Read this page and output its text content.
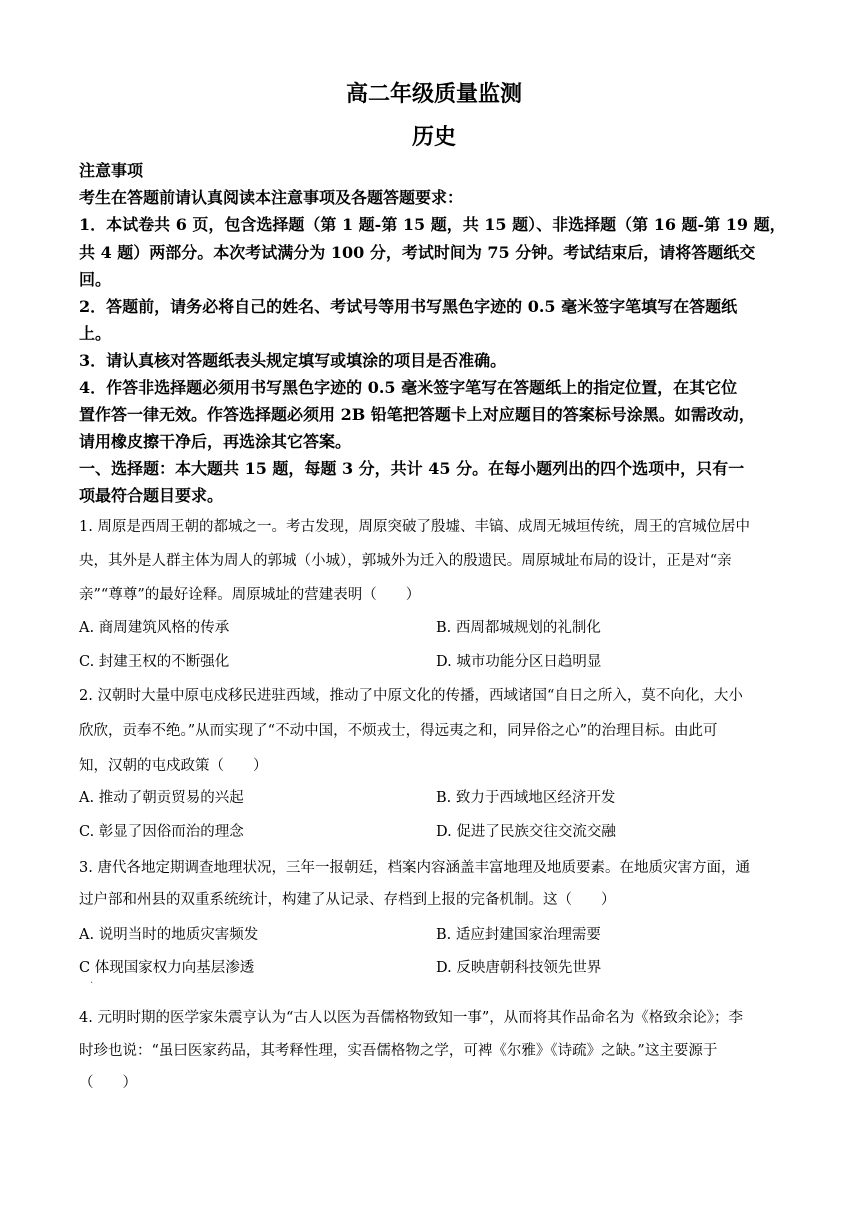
高二年级质量监测
历史
注意事项
考生在答题前请认真阅读本注意事项及各题答题要求：
1．本试卷共 6 页，包含选择题（第 1 题-第 15 题，共 15 题）、非选择题（第 16 题-第 19 题，
共 4 题）两部分。本次考试满分为 100 分，考试时间为 75 分钟。考试结束后，请将答题纸交
回。
2．答题前，请务必将自己的姓名、考试号等用书写黑色字迹的 0.5 毫米签字笔填写在答题纸
上。
3．请认真核对答题纸表头规定填写或填涂的项目是否准确。
4．作答非选择题必须用书写黑色字迹的 0.5 毫米签字笔写在答题纸上的指定位置，在其它位
置作答一律无效。作答选择题必须用 2B 铅笔把答题卡上对应题目的答案标号涂黑。如需改动，
请用橡皮擦干净后，再选涂其它答案。
一、选择题：本大题共 15 题，每题 3 分，共计 45 分。在每小题列出的四个选项中，只有一
项最符合题目要求。
1. 周原是西周王朝的都城之一。考古发现，周原突破了殷墟、丰镐、成周无城垣传统，周王的宫城位居中
央，其外是人群主体为周人的郭城（小城），郭城外为迁入的殷遗民。周原城址布局的设计，正是对“亲
亲”“尊尊”的最好诠释。周原城址的营建表明（　　）
A. 商周建筑风格的传承	B. 西周都城规划的礼制化
C. 封建王权的不断强化	D. 城市功能分区日趋明显
2. 汉朝时大量中原屯戍移民进驻西域，推动了中原文化的传播，西域诸国“自日之所入，莫不向化，大小
欣欣，贡奉不绝。”从而实现了“不动中国，不烦戎士，得远夷之和，同异俗之心”的治理目标。由此可
知，汉朝的屯戍政策（　　）
A. 推动了朝贡贸易的兴起	B. 致力于西域地区经济开发
C. 彰显了因俗而治的理念	D. 促进了民族交往交流交融
3. 唐代各地定期调查地理状况，三年一报朝廷，档案内容涵盖丰富地理及地质要素。在地质灾害方面，通
过户部和州县的双重系统统计，构建了从记录、存档到上报的完备机制。这（　　）
A. 说明当时的地质灾害频发	B. 适应封建国家治理需要
C 体现国家权力向基层渗透	D. 反映唐朝科技领先世界
·
4. 元明时期的医学家朱震亨认为“古人以医为吾儒格物致知一事”，从而将其作品命名为《格致余论》；李
时珍也说：“虽曰医家药品，其考释性理，实吾儒格物之学，可裨《尔雅》《诗疏》之缺。”这主要源于
（　　）
